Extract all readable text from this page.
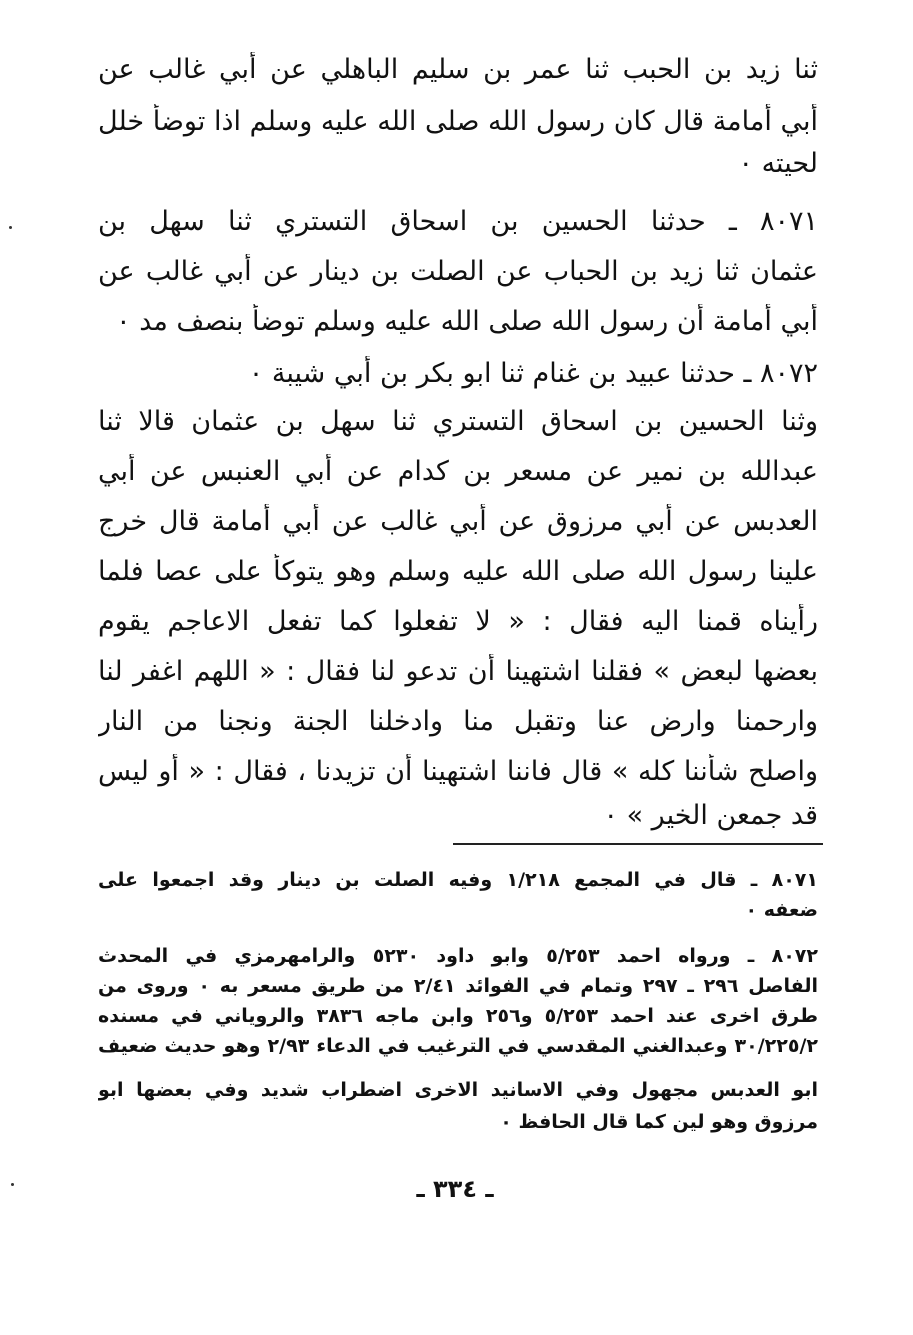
ثنا زيد بن الحبب ثنا عمر بن سليم الباهلي عن أبي غالب عن
أبي أمامة قال كان رسول الله صلى الله عليه وسلم اذا توضأ خلل
لحيته ٠
٨٠٧١ ـ حدثنا الحسين بن اسحاق التستري ثنا سهل بن
عثمان ثنا زيد بن الحباب عن الصلت بن دينار عن أبي غالب عن
أبي أمامة أن رسول الله صلى الله عليه وسلم توضأ بنصف مد ٠
٨٠٧٢ ـ حدثنا عبيد بن غنام ثنا ابو بكر بن أبي شيبة ٠
وثنا الحسين بن اسحاق التستري ثنا سهل بن عثمان قالا ثنا
عبدالله بن نمير عن مسعر بن كدام عن أبي العنبس عن أبي
العدبس عن أبي مرزوق عن أبي غالب عن أبي أمامة قال خرج
علينا رسول الله صلى الله عليه وسلم وهو يتوكأ على عصا فلما
رأيناه قمنا اليه فقال : « لا تفعلوا كما تفعل الاعاجم يقوم
بعضها لبعض » فقلنا اشتهينا أن تدعو لنا فقال : « اللهم اغفر لنا
وارحمنا وارض عنا وتقبل منا وادخلنا الجنة ونجنا من النار
واصلح شأننا كله » قال فاننا اشتهينا أن تزيدنا ، فقال : « أو ليس
قد جمعن الخير » ٠
٨٠٧١ ـ قال في المجمع ١/٢١٨ وفيه الصلت بن دينار وقد اجمعوا على
ضعفه ٠
٨٠٧٢ ـ ورواه احمد ٥/٢٥٣ وابو داود ٥٢٣٠ والرامهرمزي في المحدث
الفاصل ٢٩٦ ـ ٢٩٧ وتمام في الفوائد ٢/٤١ من طريق مسعر به ٠ وروى من
طرق اخرى عند احمد ٥/٢٥٣ و٢٥٦ وابن ماجه ٣٨٣٦ والروياني في مسنده
٣٠/٢٢٥/٢ وعبدالغني المقدسي في الترغيب في الدعاء ٢/٩٣ وهو حديث ضعيف
ابو العدبس مجهول وفي الاسانيد الاخرى اضطراب شديد وفي بعضها ابو
مرزوق وهو لين كما قال الحافظ ٠
ـ ٣٣٤ ـ
